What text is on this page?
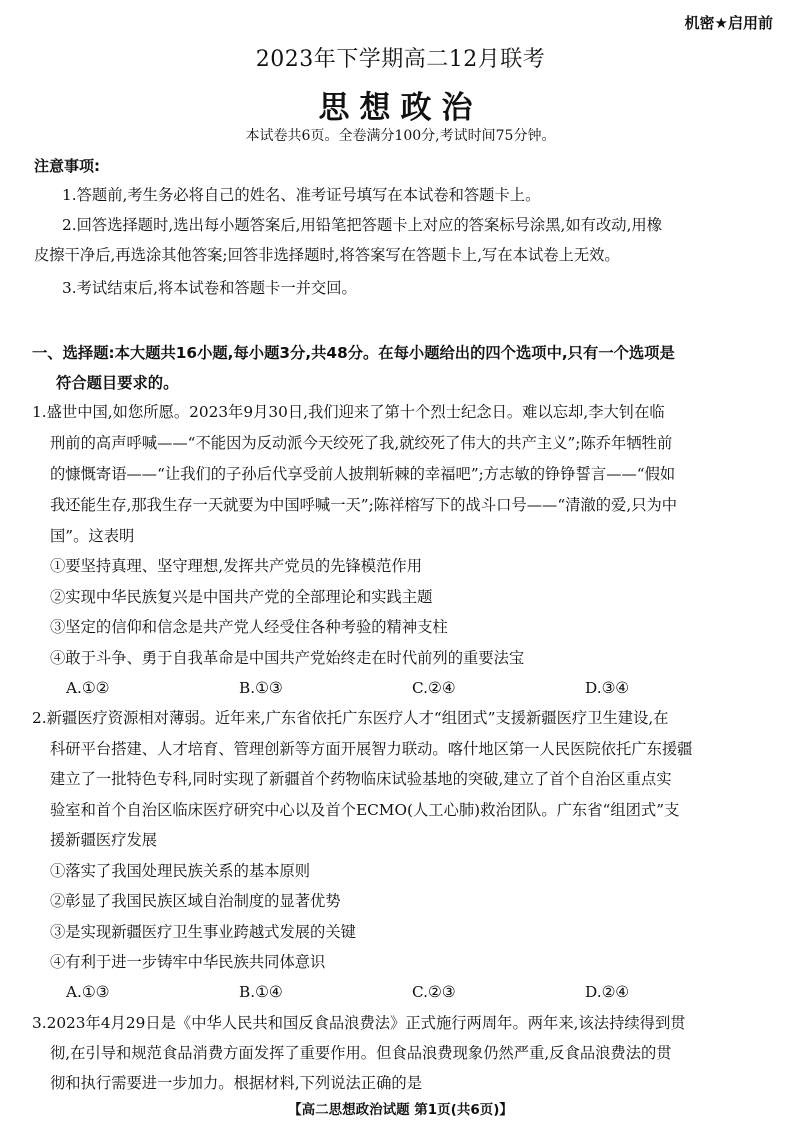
机密★启用前
2023年下学期高二12月联考
思想政治
本试卷共6页。全卷满分100分,考试时间75分钟。
注意事项:
1.答题前,考生务必将自己的姓名、准考证号填写在本试卷和答题卡上。
2.回答选择题时,选出每小题答案后,用铅笔把答题卡上对应的答案标号涂黑,如有改动,用橡
皮擦干净后,再选涂其他答案;回答非选择题时,将答案写在答题卡上,写在本试卷上无效。
3.考试结束后,将本试卷和答题卡一并交回。
一、选择题:本大题共16小题,每小题3分,共48分。在每小题给出的四个选项中,只有一个选项是
符合题目要求的。
1.盛世中国,如您所愿。2023年9月30日,我们迎来了第十个烈士纪念日。难以忘却,李大钊在临
刑前的高声呼喊——“不能因为反动派今天绞死了我,就绞死了伟大的共产主义”;陈乔年牺牲前
的慷慨寄语——“让我们的子孙后代享受前人披荆斩棘的幸福吧”;方志敏的铮铮誓言——“假如
我还能生存,那我生存一天就要为中国呼喊一天”;陈祥榕写下的战斗口号——“清澈的爱,只为中
国”。这表明
①要坚持真理、坚守理想,发挥共产党员的先锋模范作用
②实现中华民族复兴是中国共产党的全部理论和实践主题
③坚定的信仰和信念是共产党人经受住各种考验的精神支柱
④敢于斗争、勇于自我革命是中国共产党始终走在时代前列的重要法宝
A.①②	B.①③	C.②④	D.③④
2.新疆医疗资源相对薄弱。近年来,广东省依托广东医疗人才“组团式”支援新疆医疗卫生建设,在
科研平台搭建、人才培育、管理创新等方面开展智力联动。喀什地区第一人民医院依托广东援疆
建立了一批特色专科,同时实现了新疆首个药物临床试验基地的突破,建立了首个自治区重点实
验室和首个自治区临床医疗研究中心以及首个ECMO(人工心肺)救治团队。广东省“组团式”支
援新疆医疗发展
①落实了我国处理民族关系的基本原则
②彰显了我国民族区域自治制度的显著优势
③是实现新疆医疗卫生事业跨越式发展的关键
④有利于进一步铸牢中华民族共同体意识
A.①③	B.①④	C.②③	D.②④
3.2023年4月29日是《中华人民共和国反食品浪费法》正式施行两周年。两年来,该法持续得到贯
彻,在引导和规范食品消费方面发挥了重要作用。但食品浪费现象仍然严重,反食品浪费法的贯
彻和执行需要进一步加力。根据材料,下列说法正确的是
【高二思想政治试题 第1页(共6页)】
